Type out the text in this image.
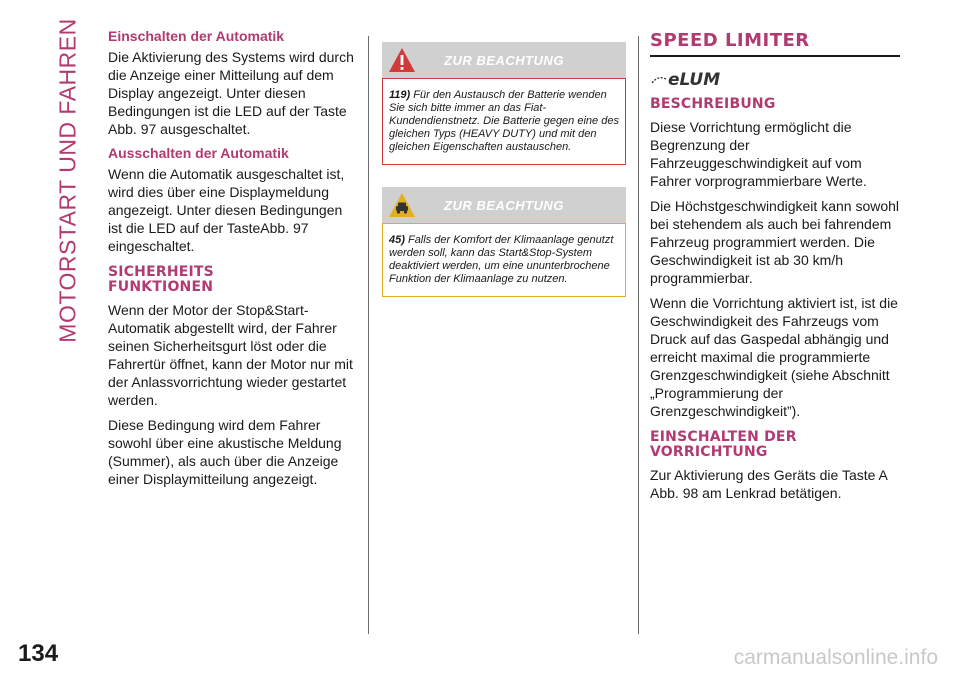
MOTORSTART UND FAHREN
134
Einschalten der Automatik

Die Aktivierung des Systems wird durch die Anzeige einer Mitteilung auf dem Display angezeigt. Unter diesen Bedingungen ist die LED auf der Taste Abb. 97 ausgeschaltet.

Ausschalten der Automatik

Wenn die Automatik ausgeschaltet ist, wird dies über eine Displaymeldung angezeigt. Unter diesen Bedingungen ist die LED auf der TasteAbb. 97 eingeschaltet.

SICHERHEITS
FUNKTIONEN

Wenn der Motor der Stop&Start-Automatik abgestellt wird, der Fahrer seinen Sicherheitsgurt löst oder die Fahrertür öffnet, kann der Motor nur mit der Anlassvorrichtung wieder gestartet werden.

Diese Bedingung wird dem Fahrer sowohl über eine akustische Meldung (Summer), als auch über die Anzeige einer Displaymitteilung angezeigt.

ZUR BEACHTUNG
119) Für den Austausch der Batterie wenden Sie sich bitte immer an das Fiat-Kundendienstnetz. Die Batterie gegen eine des gleichen Typs (HEAVY DUTY) und mit den gleichen Eigenschaften austauschen.
ZUR BEACHTUNG
45) Falls der Komfort der Klimaanlage genutzt werden soll, kann das Start&Stop-System deaktiviert werden, um eine ununterbrochene Funktion der Klimaanlage zu nutzen.
SPEED LIMITER
eLUM
BESCHREIBUNG

Diese Vorrichtung ermöglicht die Begrenzung der Fahrzeuggeschwindigkeit auf vom Fahrer vorprogrammierbare Werte.

Die Höchstgeschwindigkeit kann sowohl bei stehendem als auch bei fahrendem Fahrzeug programmiert werden. Die Geschwindigkeit ist ab 30 km/h programmierbar.

Wenn die Vorrichtung aktiviert ist, ist die Geschwindigkeit des Fahrzeugs vom Druck auf das Gaspedal abhängig und erreicht maximal die programmierte Grenzgeschwindigkeit (siehe Abschnitt „Programmierung der Grenzgeschwindigkeit”).

EINSCHALTEN DER
VORRICHTUNG

Zur Aktivierung des Geräts die Taste A Abb. 98 am Lenkrad betätigen.

carmanualsonline.info
